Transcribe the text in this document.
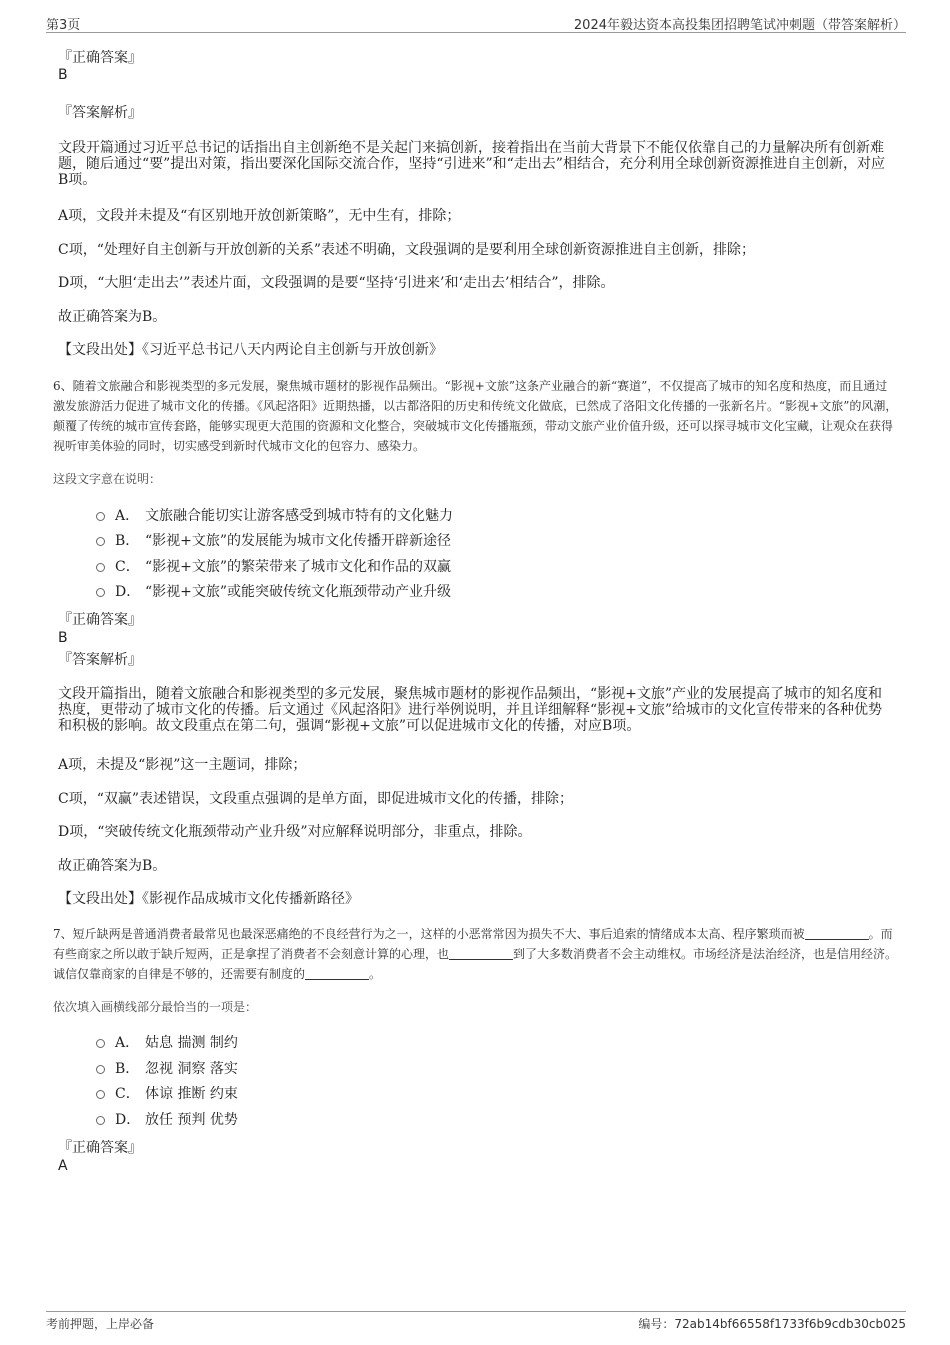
第3页	2024年毅达资本高投集团招聘笔试冲刺题（带答案解析）
『正确答案』
B
『答案解析』
文段开篇通过习近平总书记的话指出自主创新绝不是关起门来搞创新，接着指出在当前大背景下不能仅依靠自己的力量解决所有创新难题，随后通过“要”提出对策，指出要深化国际交流合作，坚持“引进来”和“走出去”相结合，充分利用全球创新资源推进自主创新，对应B项。
A项，文段并未提及“有区别地开放创新策略”，无中生有，排除；
C项，“处理好自主创新与开放创新的关系”表述不明确，文段强调的是要利用全球创新资源推进自主创新，排除；
D项，“大胆‘走出去’”表述片面，文段强调的是要“坚持‘引进来’和‘走出去’相结合”，排除。
故正确答案为B。
【文段出处】《习近平总书记八天内两论自主创新与开放创新》
6、随着文旅融合和影视类型的多元发展，聚焦城市题材的影视作品频出。“影视+文旅”这条产业融合的新“赛道”，不仅提高了城市的知名度和热度，而且通过激发旅游活力促进了城市文化的传播。《风起洛阳》近期热播，以古都洛阳的历史和传统文化做底，已然成了洛阳文化传播的一张新名片。“影视+文旅”的风潮，颠覆了传统的城市宣传套路，能够实现更大范围的资源和文化整合，突破城市文化传播瓶颈，带动文旅产业价值升级，还可以探寻城市文化宝藏，让观众在获得视听审美体验的同时，切实感受到新时代城市文化的包容力、感染力。
这段文字意在说明：
A． 文旅融合能切实让游客感受到城市特有的文化魅力
B． “影视+文旅”的发展能为城市文化传播开辟新途径
C． “影视+文旅”的繁荣带来了城市文化和作品的双赢
D． “影视+文旅”或能突破传统文化瓶颈带动产业升级
『正确答案』
B
『答案解析』
文段开篇指出，随着文旅融合和影视类型的多元发展，聚焦城市题材的影视作品频出，“影视+文旅”产业的发展提高了城市的知名度和热度，更带动了城市文化的传播。后文通过《风起洛阳》进行举例说明，并且详细解释“影视+文旅”给城市的文化宣传带来的各种优势和积极的影响。故文段重点在第二句，强调“影视+文旅”可以促进城市文化的传播，对应B项。
A项，未提及“影视”这一主题词，排除；
C项，“双赢”表述错误，文段重点强调的是单方面，即促进城市文化的传播，排除；
D项，“突破传统文化瓶颈带动产业升级”对应解释说明部分，非重点，排除。
故正确答案为B。
【文段出处】《影视作品成城市文化传播新路径》
7、短斤缺两是普通消费者最常见也最深恶痛绝的不良经营行为之一，这样的小恶常常因为损失不大、事后追索的情绪成本太高、程序繁琐而被	。而有些商家之所以敢于缺斤短两，正是拿捏了消费者不会刻意计算的心理，也	到了大多数消费者不会主动维权。市场经济是法治经济，也是信用经济。诚信仅靠商家的自律是不够的，还需要有制度的	。
依次填入画横线部分最恰当的一项是：
A． 姑息 揣测 制约
B． 忽视 洞察 落实
C． 体谅 推断 约束
D． 放任 预判 优势
『正确答案』
A
考前押题，上岸必备	编号：72ab14bf66558f1733f6b9cdb30cb025
